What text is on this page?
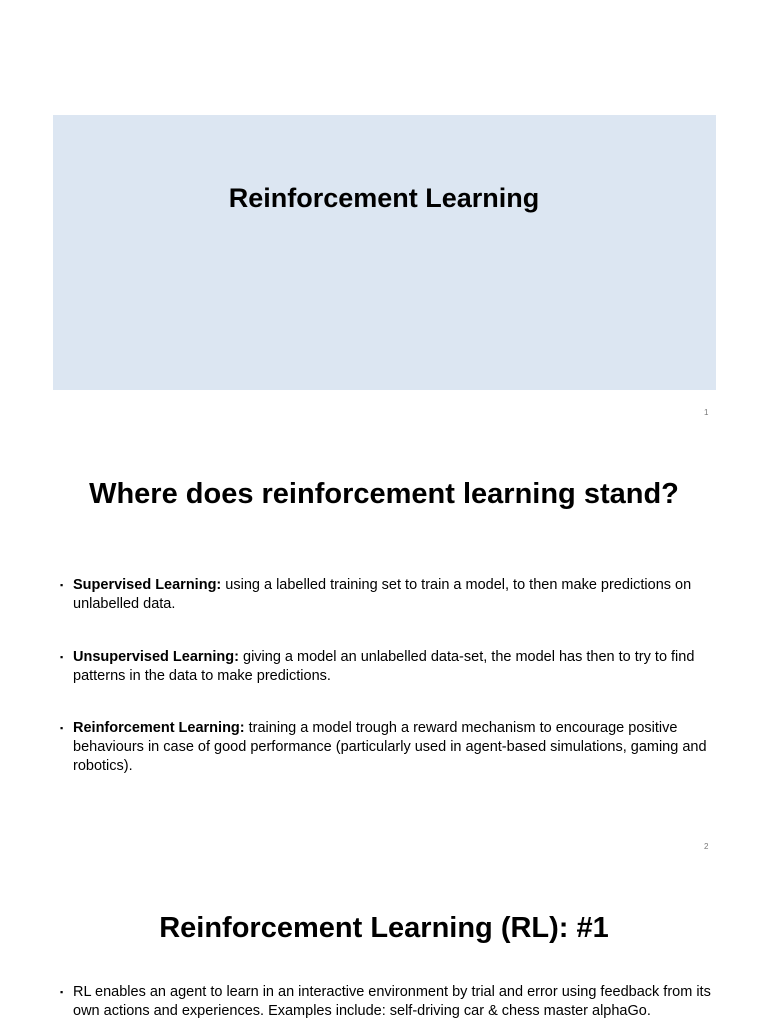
Reinforcement Learning
1
Where does reinforcement learning stand?
▪ Supervised Learning: using a labelled training set to train a model, to then make predictions on unlabelled data.
▪ Unsupervised Learning: giving a model an unlabelled data-set, the model has then to try to find patterns in the data to make predictions.
▪ Reinforcement Learning: training a model trough a reward mechanism to encourage positive behaviours in case of good performance (particularly used in agent-based simulations, gaming and robotics).
2
Reinforcement Learning (RL): #1
▪ RL enables an agent to learn in an interactive environment by trial and error using feedback from its own actions and experiences. Examples include: self-driving car & chess master alphaGo.
